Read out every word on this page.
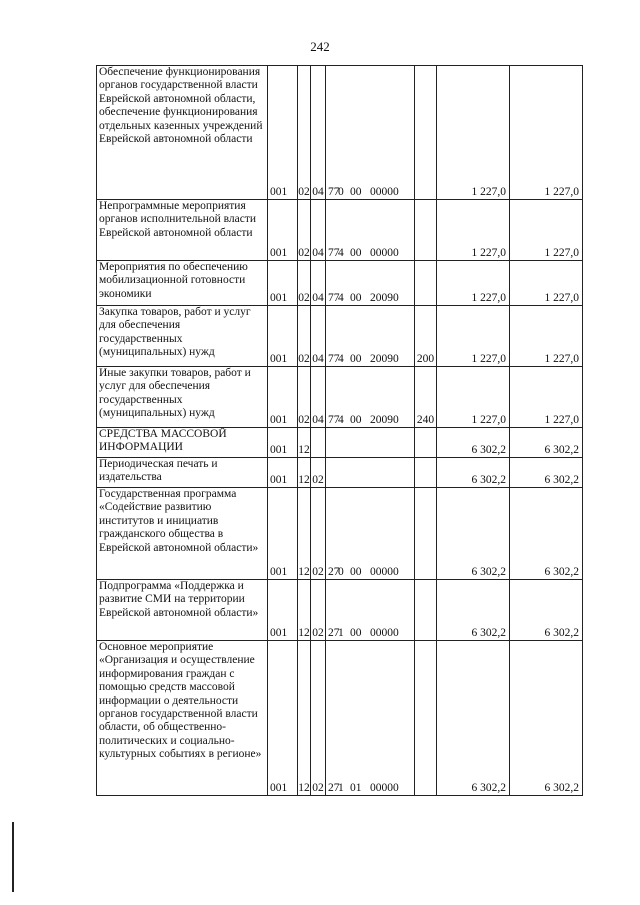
242
Обеспечение функционирования органов государственной власти Еврейской автономной области, обеспечение функционирования отдельных казенных учреждений Еврейской автономной области	001	02	04	770 00 00000		1 227,0	1 227,0

Непрограммные мероприятия органов исполнительной власти Еврейской автономной области	001	02	04	774 00 00000		1 227,0	1 227,0

Мероприятия по обеспечению мобилизационной готовности экономики	001	02	04	774 00 20090		1 227,0	1 227,0

Закупка товаров, работ и услуг для обеспечения государственных (муниципальных) нужд	001	02	04	774 00 20090	200	1 227,0	1 227,0

Иные закупки товаров, работ и услуг для обеспечения государственных (муниципальных) нужд	001	02	04	774 00 20090	240	1 227,0	1 227,0

СРЕДСТВА МАССОВОЙ ИНФОРМАЦИИ	001	12				6 302,2	6 302,2

Периодическая печать и издательства	001	12	02			6 302,2	6 302,2

Государственная программа «Содействие развитию институтов и инициатив гражданского общества в Еврейской автономной области»	001	12	02	270 00 00000		6 302,2	6 302,2

Подпрограмма «Поддержка и развитие СМИ на территории Еврейской автономной области»	001	12	02	271 00 00000		6 302,2	6 302,2

Основное мероприятие «Организация и осуществление информирования граждан с помощью средств массовой информации о деятельности органов государственной власти области, об общественно-политических и социально-культурных событиях в регионе»	001	12	02	271 01 00000		6 302,2	6 302,2
